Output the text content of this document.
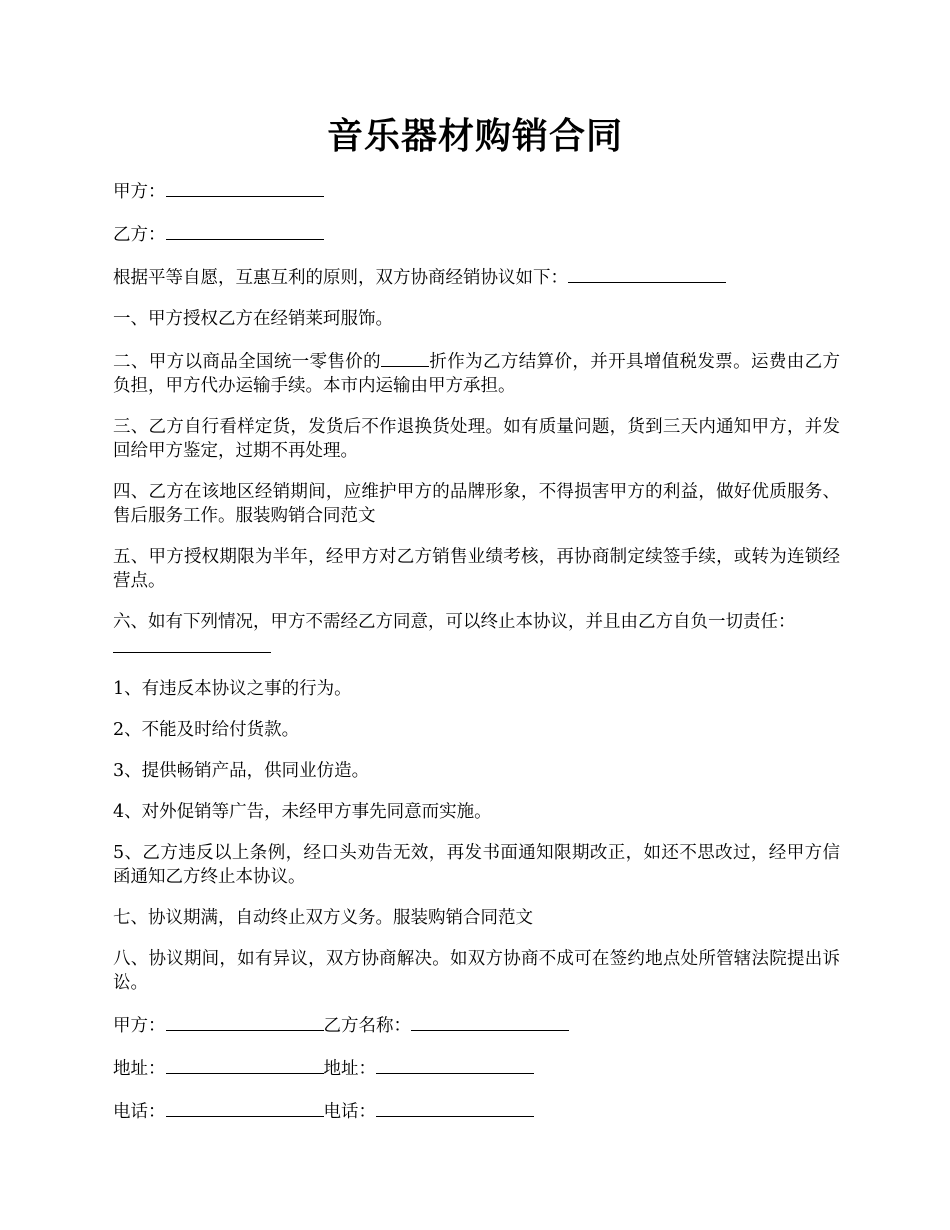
音乐器材购销合同

甲方：

乙方：

根据平等自愿，互惠互利的原则，双方协商经销协议如下：

一、甲方授权乙方在经销莱珂服饰。

二、甲方以商品全国统一零售价的	折作为乙方结算价，并开具增值税发票。运费由乙方负担，甲方代办运输手续。本市内运输由甲方承担。

三、乙方自行看样定货，发货后不作退换货处理。如有质量问题，货到三天内通知甲方，并发回给甲方鉴定，过期不再处理。

四、乙方在该地区经销期间，应维护甲方的品牌形象，不得损害甲方的利益，做好优质服务、售后服务工作。服装购销合同范文

五、甲方授权期限为半年，经甲方对乙方销售业绩考核，再协商制定续签手续，或转为连锁经营点。

六、如有下列情况，甲方不需经乙方同意，可以终止本协议，并且由乙方自负一切责任：

1、有违反本协议之事的行为。

2、不能及时给付货款。

3、提供畅销产品，供同业仿造。

4、对外促销等广告，未经甲方事先同意而实施。

5、乙方违反以上条例，经口头劝告无效，再发书面通知限期改正，如还不思改过，经甲方信函通知乙方终止本协议。

七、协议期满，自动终止双方义务。服装购销合同范文

八、协议期间，如有异议，双方协商解决。如双方协商不成可在签约地点处所管辖法院提出诉讼。

甲方：	乙方名称：

地址：	地址：

电话：	电话：
